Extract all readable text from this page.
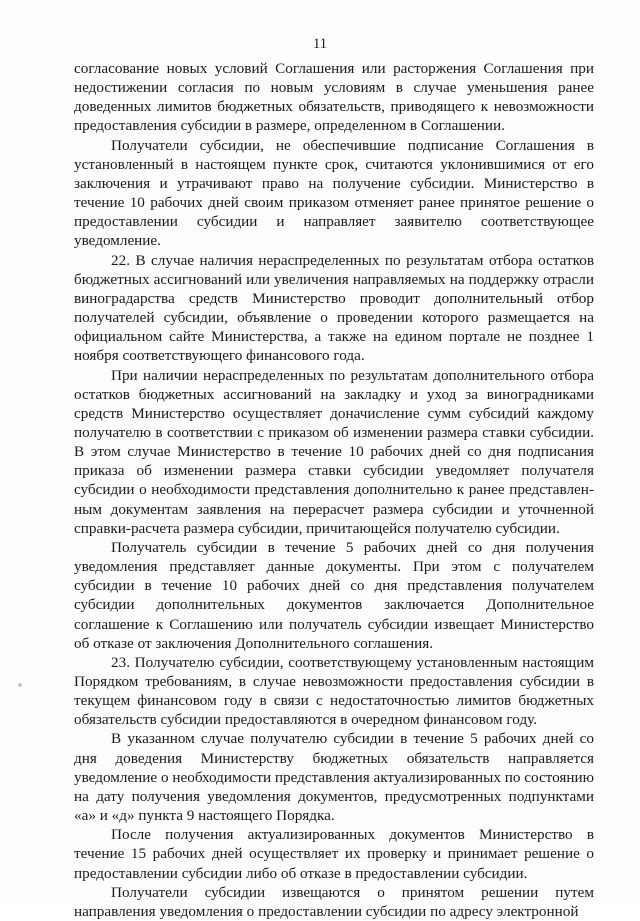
11

согласование новых условий Соглашения или расторжения Соглашения при недостижении согласия по новым условиям в случае уменьшения ранее доведенных лимитов бюджетных обязательств, приводящего к невозможности предоставления субсидии в размере, определенном в Соглашении.

Получатели субсидии, не обеспечившие подписание Соглашения в установленный в настоящем пункте срок, считаются уклонившимися от его заключения и утрачивают право на получение субсидии. Министерство в течение 10 рабочих дней своим приказом отменяет ранее принятое решение о предоставлении субсидии и направляет заявителю соответствующее уведомление.

22. В случае наличия нераспределенных по результатам отбора остатков бюджетных ассигнований или увеличения направляемых на поддержку отрасли виноградарства средств Министерство проводит дополнительный отбор получателей субсидии, объявление о проведении которого размещается на официальном сайте Министерства, а также на едином портале не позднее 1 ноября соответствующего финансового года.

При наличии нераспределенных по результатам дополнительного отбора остатков бюджетных ассигнований на закладку и уход за виноградниками средств Министерство осуществляет доначисление сумм субсидий каждому получателю в соответствии с приказом об изменении размера ставки субсидии. В этом случае Министерство в течение 10 рабочих дней со дня подписания приказа об изменении размера ставки субсидии уведомляет получателя субсидии о необходимости представления дополнительно к ранее представленным документам заявления на перерасчет размера субсидии и уточненной справки-расчета размера субсидии, причитающейся получателю субсидии.

Получатель субсидии в течение 5 рабочих дней со дня получения уведомления представляет данные документы. При этом с получателем субсидии в течение 10 рабочих дней со дня представления получателем субсидии дополнительных документов заключается Дополнительное соглашение к Соглашению или получатель субсидии извещает Министерство об отказе от заключения Дополнительного соглашения.

23. Получателю субсидии, соответствующему установленным настоящим Порядком требованиям, в случае невозможности предоставления субсидии в текущем финансовом году в связи с недостаточностью лимитов бюджетных обязательств субсидии предоставляются в очередном финансовом году.

В указанном случае получателю субсидии в течение 5 рабочих дней со дня доведения Министерству бюджетных обязательств направляется уведомление о необходимости представления актуализированных по состоянию на дату получения уведомления документов, предусмотренных подпунктами «а» и «д» пункта 9 настоящего Порядка.

После получения актуализированных документов Министерство в течение 15 рабочих дней осуществляет их проверку и принимает решение о предоставлении субсидии либо об отказе в предоставлении субсидии.

Получатели субсидии извещаются о принятом решении путем направления уведомления о предоставлении субсидии по адресу электронной
